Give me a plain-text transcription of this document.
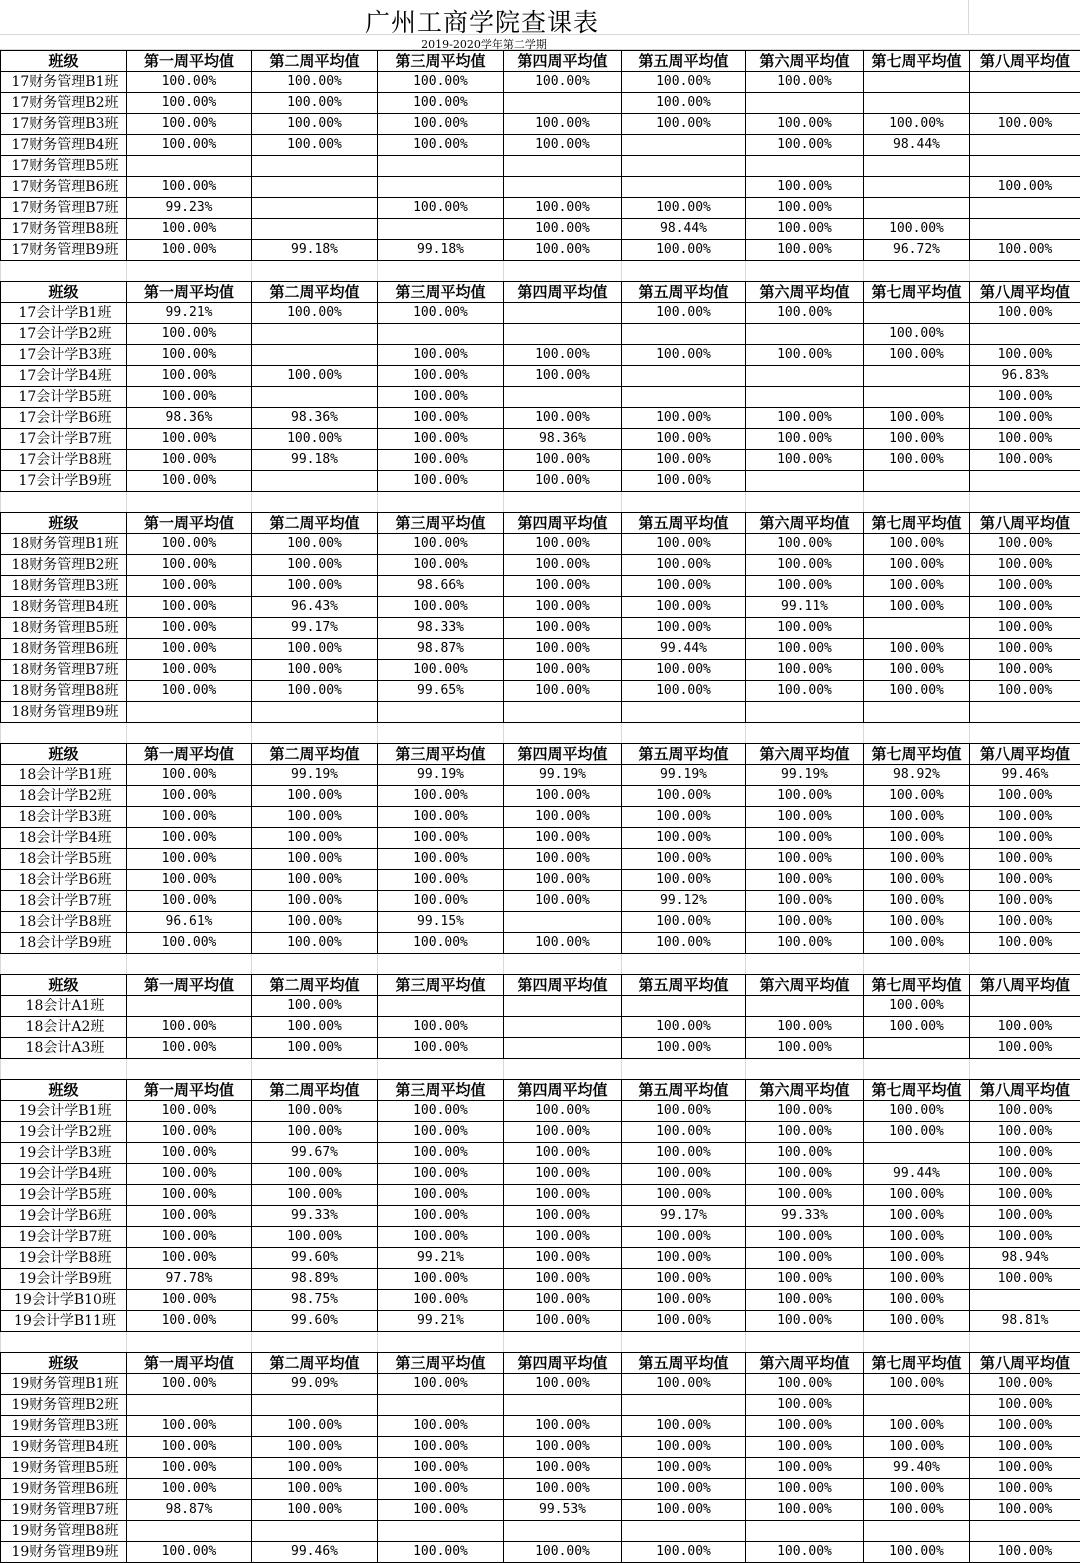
广州工商学院查课表
2019-2020学年第二学期
班级	第一周平均值	第二周平均值	第三周平均值	第四周平均值	第五周平均值	第六周平均值	第七周平均值	第八周平均值
17财务管理B1班	100.00%	100.00%	100.00%	100.00%	100.00%	100.00%		
17财务管理B2班	100.00%	100.00%	100.00%		100.00%			
17财务管理B3班	100.00%	100.00%	100.00%	100.00%	100.00%	100.00%	100.00%	100.00%
17财务管理B4班	100.00%	100.00%	100.00%	100.00%		100.00%	98.44%	
17财务管理B5班								
17财务管理B6班	100.00%					100.00%		100.00%
17财务管理B7班	99.23%		100.00%	100.00%	100.00%	100.00%		
17财务管理B8班	100.00%			100.00%	98.44%	100.00%	100.00%	
17财务管理B9班	100.00%	99.18%	99.18%	100.00%	100.00%	100.00%	96.72%	100.00%

班级	第一周平均值	第二周平均值	第三周平均值	第四周平均值	第五周平均值	第六周平均值	第七周平均值	第八周平均值
17会计学B1班	99.21%	100.00%	100.00%		100.00%	100.00%		100.00%
17会计学B2班	100.00%						100.00%	
17会计学B3班	100.00%		100.00%	100.00%	100.00%	100.00%	100.00%	100.00%
17会计学B4班	100.00%	100.00%	100.00%	100.00%				96.83%
17会计学B5班	100.00%		100.00%					100.00%
17会计学B6班	98.36%	98.36%	100.00%	100.00%	100.00%	100.00%	100.00%	100.00%
17会计学B7班	100.00%	100.00%	100.00%	98.36%	100.00%	100.00%	100.00%	100.00%
17会计学B8班	100.00%	99.18%	100.00%	100.00%	100.00%	100.00%	100.00%	100.00%
17会计学B9班	100.00%		100.00%	100.00%	100.00%			

班级	第一周平均值	第二周平均值	第三周平均值	第四周平均值	第五周平均值	第六周平均值	第七周平均值	第八周平均值
18财务管理B1班	100.00%	100.00%	100.00%	100.00%	100.00%	100.00%	100.00%	100.00%
18财务管理B2班	100.00%	100.00%	100.00%	100.00%	100.00%	100.00%	100.00%	100.00%
18财务管理B3班	100.00%	100.00%	98.66%	100.00%	100.00%	100.00%	100.00%	100.00%
18财务管理B4班	100.00%	96.43%	100.00%	100.00%	100.00%	99.11%	100.00%	100.00%
18财务管理B5班	100.00%	99.17%	98.33%	100.00%	100.00%	100.00%		100.00%
18财务管理B6班	100.00%	100.00%	98.87%	100.00%	99.44%	100.00%	100.00%	100.00%
18财务管理B7班	100.00%	100.00%	100.00%	100.00%	100.00%	100.00%	100.00%	100.00%
18财务管理B8班	100.00%	100.00%	99.65%	100.00%	100.00%	100.00%	100.00%	100.00%
18财务管理B9班								

班级	第一周平均值	第二周平均值	第三周平均值	第四周平均值	第五周平均值	第六周平均值	第七周平均值	第八周平均值
18会计学B1班	100.00%	99.19%	99.19%	99.19%	99.19%	99.19%	98.92%	99.46%
18会计学B2班	100.00%	100.00%	100.00%	100.00%	100.00%	100.00%	100.00%	100.00%
18会计学B3班	100.00%	100.00%	100.00%	100.00%	100.00%	100.00%	100.00%	100.00%
18会计学B4班	100.00%	100.00%	100.00%	100.00%	100.00%	100.00%	100.00%	100.00%
18会计学B5班	100.00%	100.00%	100.00%	100.00%	100.00%	100.00%	100.00%	100.00%
18会计学B6班	100.00%	100.00%	100.00%	100.00%	100.00%	100.00%	100.00%	100.00%
18会计学B7班	100.00%	100.00%	100.00%	100.00%	99.12%	100.00%	100.00%	100.00%
18会计学B8班	96.61%	100.00%	99.15%		100.00%	100.00%	100.00%	100.00%
18会计学B9班	100.00%	100.00%	100.00%	100.00%	100.00%	100.00%	100.00%	100.00%

班级	第一周平均值	第二周平均值	第三周平均值	第四周平均值	第五周平均值	第六周平均值	第七周平均值	第八周平均值
18会计A1班		100.00%					100.00%	
18会计A2班	100.00%	100.00%	100.00%		100.00%	100.00%	100.00%	100.00%
18会计A3班	100.00%	100.00%	100.00%		100.00%	100.00%		100.00%

班级	第一周平均值	第二周平均值	第三周平均值	第四周平均值	第五周平均值	第六周平均值	第七周平均值	第八周平均值
19会计学B1班	100.00%	100.00%	100.00%	100.00%	100.00%	100.00%	100.00%	100.00%
19会计学B2班	100.00%	100.00%	100.00%	100.00%	100.00%	100.00%	100.00%	100.00%
19会计学B3班	100.00%	99.67%	100.00%	100.00%	100.00%	100.00%		100.00%
19会计学B4班	100.00%	100.00%	100.00%	100.00%	100.00%	100.00%	99.44%	100.00%
19会计学B5班	100.00%	100.00%	100.00%	100.00%	100.00%	100.00%	100.00%	100.00%
19会计学B6班	100.00%	99.33%	100.00%	100.00%	99.17%	99.33%	100.00%	100.00%
19会计学B7班	100.00%	100.00%	100.00%	100.00%	100.00%	100.00%	100.00%	100.00%
19会计学B8班	100.00%	99.60%	99.21%	100.00%	100.00%	100.00%	100.00%	98.94%
19会计学B9班	97.78%	98.89%	100.00%	100.00%	100.00%	100.00%	100.00%	100.00%
19会计学B10班	100.00%	98.75%	100.00%	100.00%	100.00%	100.00%	100.00%	
19会计学B11班	100.00%	99.60%	99.21%	100.00%	100.00%	100.00%	100.00%	98.81%

班级	第一周平均值	第二周平均值	第三周平均值	第四周平均值	第五周平均值	第六周平均值	第七周平均值	第八周平均值
19财务管理B1班	100.00%	99.09%	100.00%	100.00%	100.00%	100.00%	100.00%	100.00%
19财务管理B2班						100.00%		100.00%
19财务管理B3班	100.00%	100.00%	100.00%	100.00%	100.00%	100.00%	100.00%	100.00%
19财务管理B4班	100.00%	100.00%	100.00%	100.00%	100.00%	100.00%	100.00%	100.00%
19财务管理B5班	100.00%	100.00%	100.00%	100.00%	100.00%	100.00%	99.40%	100.00%
19财务管理B6班	100.00%	100.00%	100.00%	100.00%	100.00%	100.00%	100.00%	100.00%
19财务管理B7班	98.87%	100.00%	100.00%	99.53%	100.00%	100.00%	100.00%	100.00%
19财务管理B8班								
19财务管理B9班	100.00%	99.46%	100.00%	100.00%	100.00%	100.00%	100.00%	100.00%
